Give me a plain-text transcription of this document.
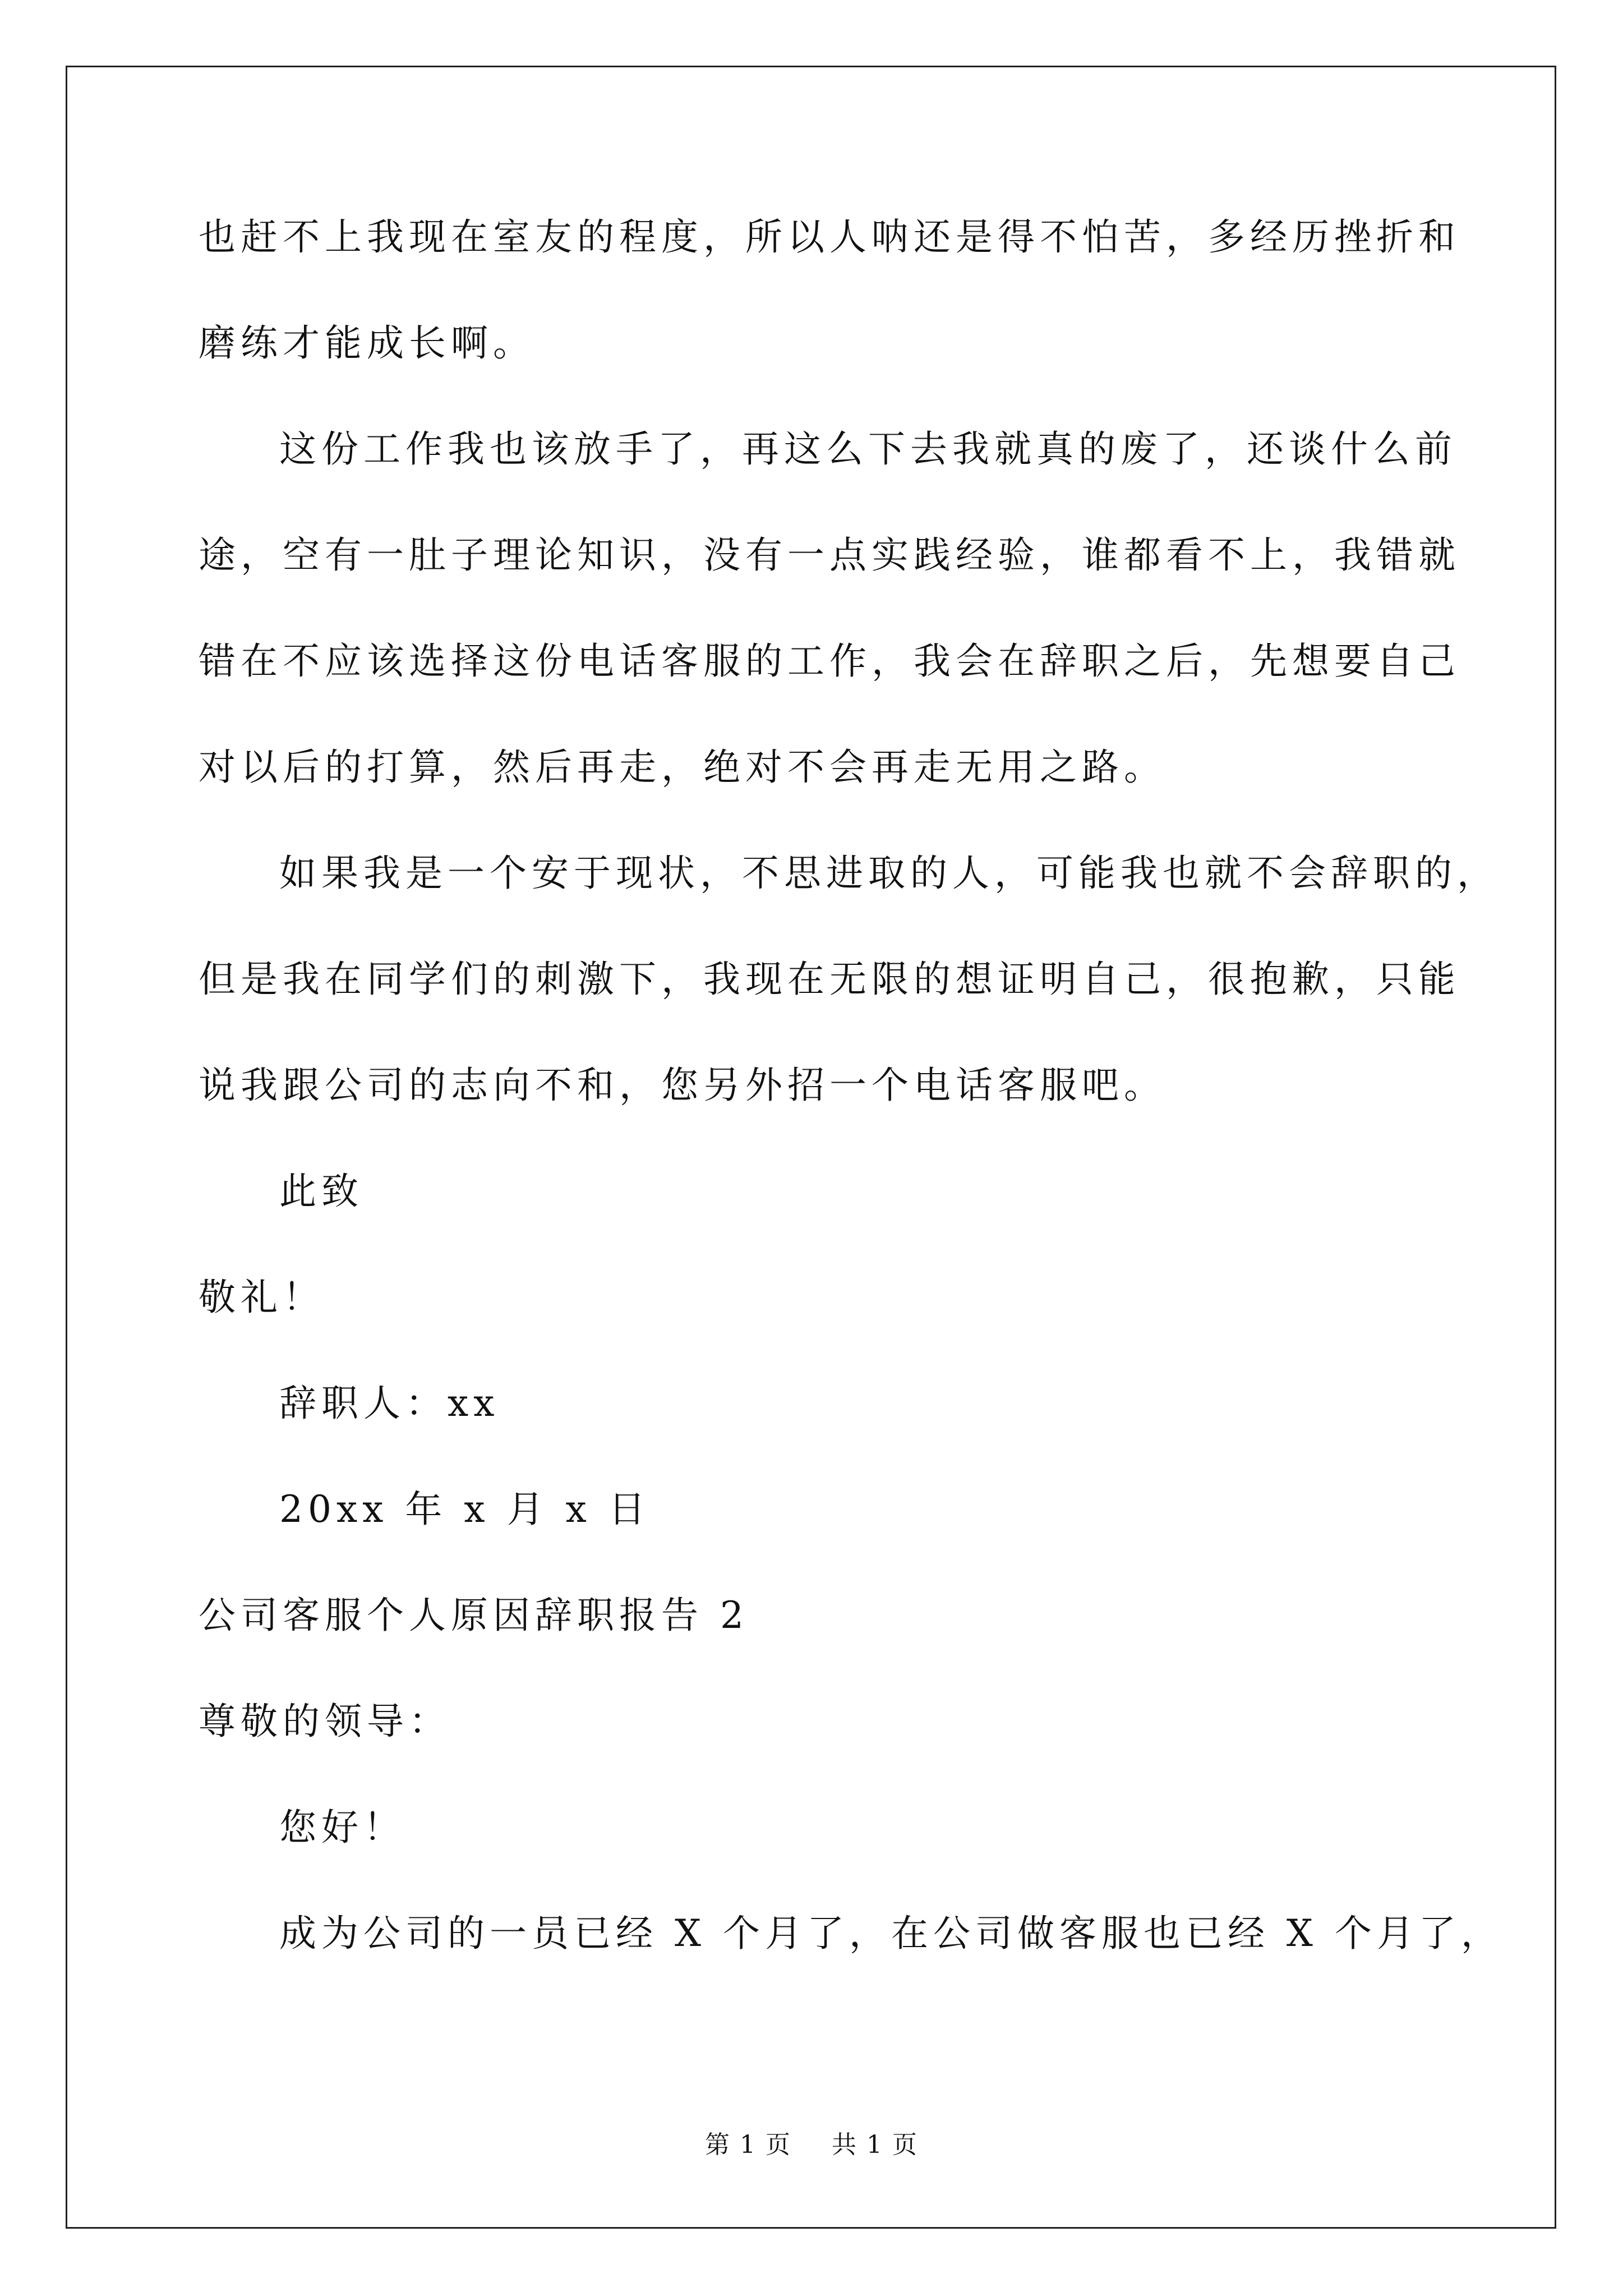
也赶不上我现在室友的程度，所以人呐还是得不怕苦，多经历挫折和

磨练才能成长啊。

这份工作我也该放手了，再这么下去我就真的废了，还谈什么前

途，空有一肚子理论知识，没有一点实践经验，谁都看不上，我错就

错在不应该选择这份电话客服的工作，我会在辞职之后，先想要自己

对以后的打算，然后再走，绝对不会再走无用之路。

如果我是一个安于现状，不思进取的人，可能我也就不会辞职的，

但是我在同学们的刺激下，我现在无限的想证明自己，很抱歉，只能

说我跟公司的志向不和，您另外招一个电话客服吧。

此致

敬礼！

辞职人：xx

20xx 年 x 月 x 日

公司客服个人原因辞职报告 2

尊敬的领导：

您好！

成为公司的一员已经 X 个月了，在公司做客服也已经 X 个月了，

第 1 页 共 1 页
